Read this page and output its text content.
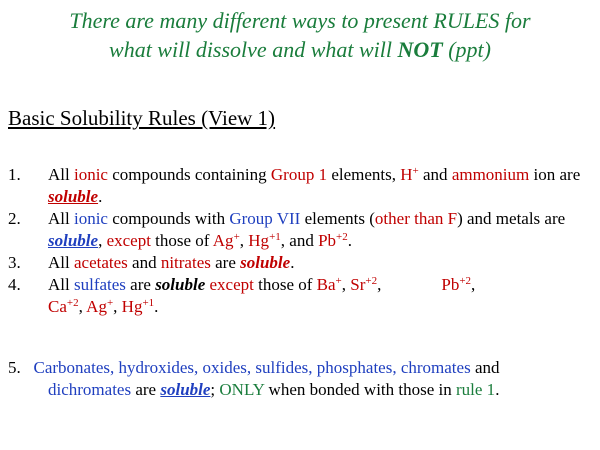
There are many different ways to present RULES for
what will dissolve and what will NOT (ppt)
Basic Solubility Rules (View 1)
1.	All ionic compounds containing Group 1 elements, H+ and ammonium ion are soluble.
2.	All ionic compounds with Group VII elements (other than F) and metals are soluble, except those of Ag+, $Hg^{+1}$, and $Pb^{+2}$.
3.	All acetates and nitrates are soluble.
4.	All sulfates are soluble except those of Ba+, $Sr^{+2}$,	$Pb^{+2}$,
$Ca^{+2}$, Ag+, $Hg^{+1}$.
5. Carbonates, hydroxides, oxides, sulfides, phosphates, chromates and
dichromates are soluble; ONLY when bonded with those in rule 1.
